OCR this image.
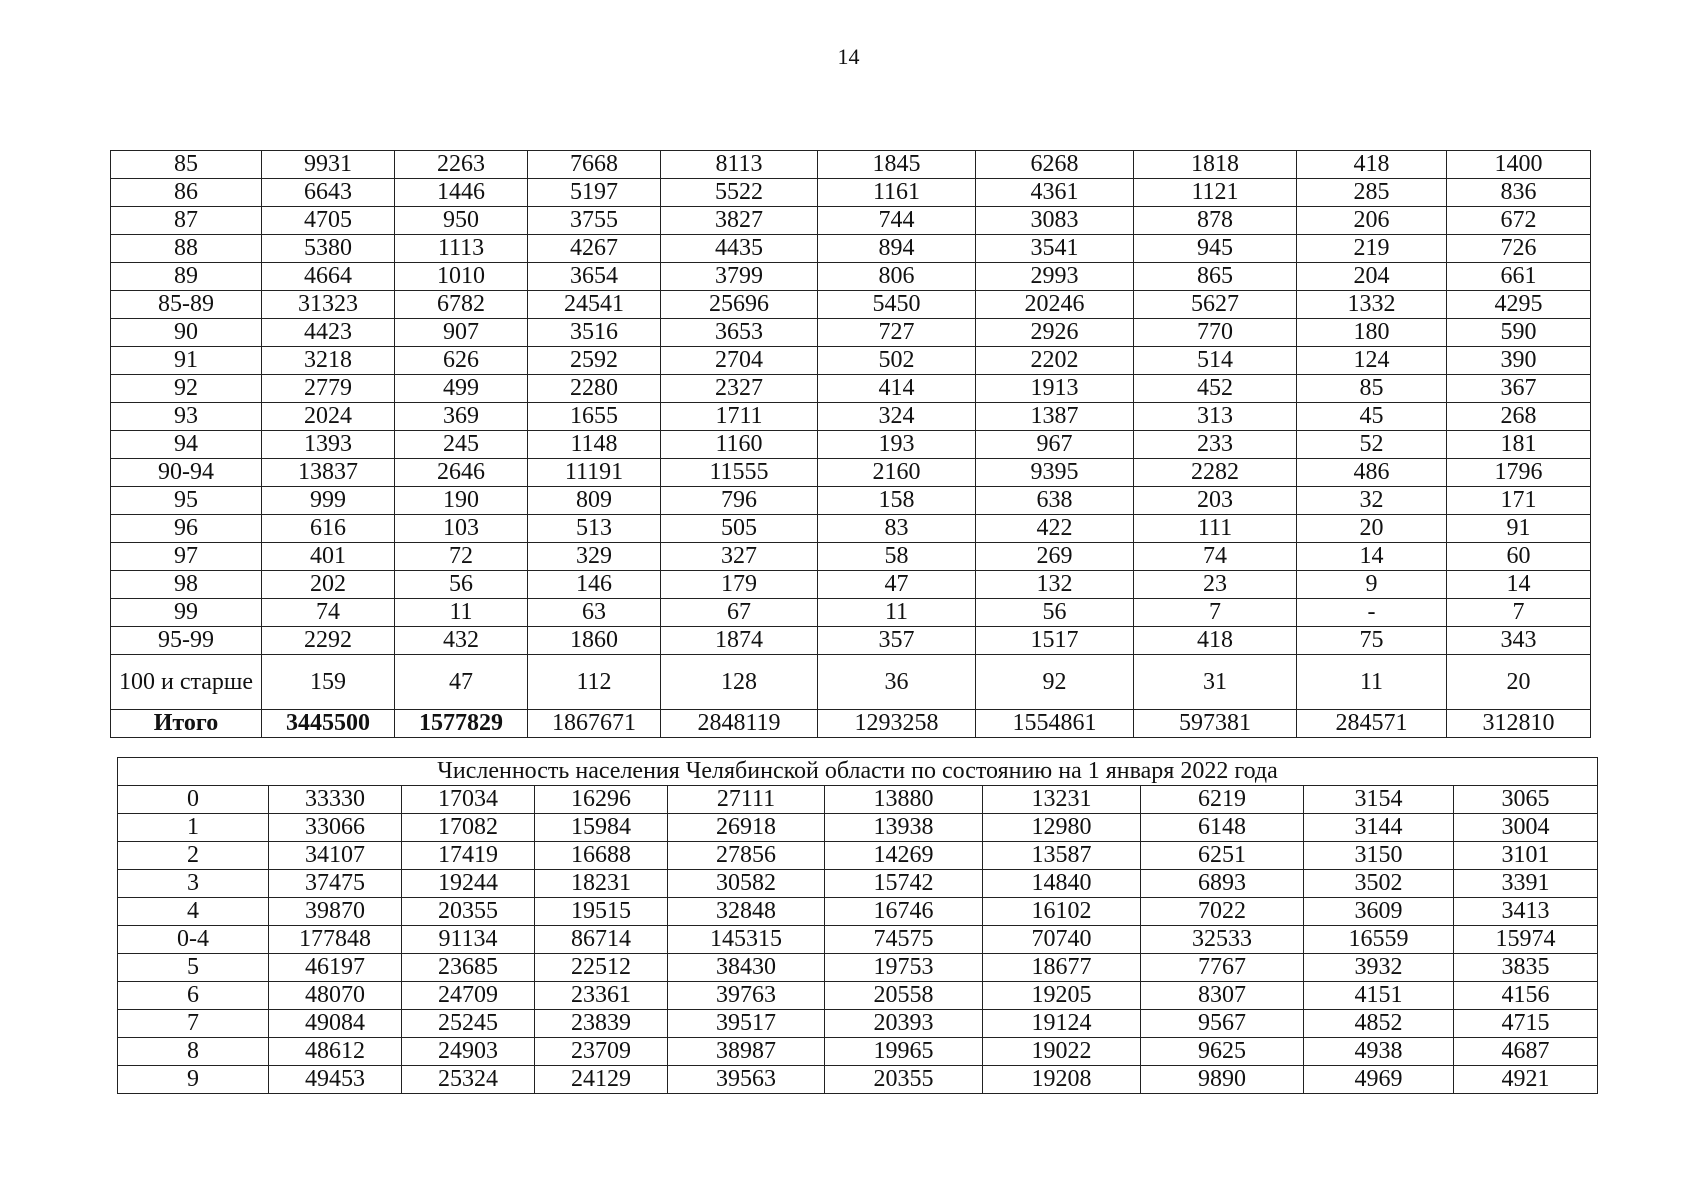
14
85	9931	2263	7668	8113	1845	6268	1818	418	1400
86	6643	1446	5197	5522	1161	4361	1121	285	836
87	4705	950	3755	3827	744	3083	878	206	672
88	5380	1113	4267	4435	894	3541	945	219	726
89	4664	1010	3654	3799	806	2993	865	204	661
85-89	31323	6782	24541	25696	5450	20246	5627	1332	4295
90	4423	907	3516	3653	727	2926	770	180	590
91	3218	626	2592	2704	502	2202	514	124	390
92	2779	499	2280	2327	414	1913	452	85	367
93	2024	369	1655	1711	324	1387	313	45	268
94	1393	245	1148	1160	193	967	233	52	181
90-94	13837	2646	11191	11555	2160	9395	2282	486	1796
95	999	190	809	796	158	638	203	32	171
96	616	103	513	505	83	422	111	20	91
97	401	72	329	327	58	269	74	14	60
98	202	56	146	179	47	132	23	9	14
99	74	11	63	67	11	56	7	-	7
95-99	2292	432	1860	1874	357	1517	418	75	343
100 и старше	159	47	112	128	36	92	31	11	20
Итого	3445500	1577829	1867671	2848119	1293258	1554861	597381	284571	312810
Численность населения Челябинской области по состоянию на 1 января 2022 года									
0	33330	17034	16296	27111	13880	13231	6219	3154	3065
1	33066	17082	15984	26918	13938	12980	6148	3144	3004
2	34107	17419	16688	27856	14269	13587	6251	3150	3101
3	37475	19244	18231	30582	15742	14840	6893	3502	3391
4	39870	20355	19515	32848	16746	16102	7022	3609	3413
0-4	177848	91134	86714	145315	74575	70740	32533	16559	15974
5	46197	23685	22512	38430	19753	18677	7767	3932	3835
6	48070	24709	23361	39763	20558	19205	8307	4151	4156
7	49084	25245	23839	39517	20393	19124	9567	4852	4715
8	48612	24903	23709	38987	19965	19022	9625	4938	4687
9	49453	25324	24129	39563	20355	19208	9890	4969	4921
